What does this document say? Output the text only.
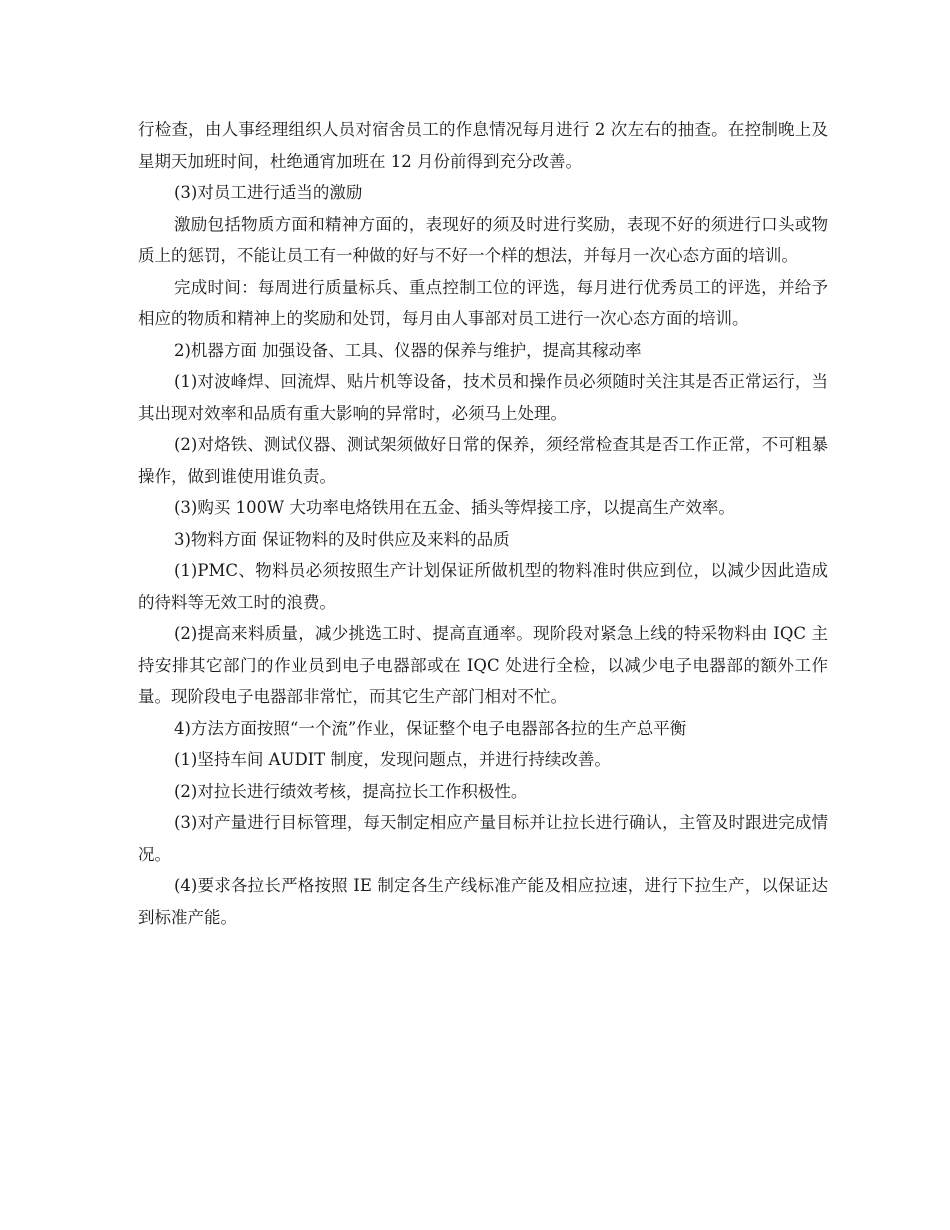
行检查，由人事经理组织人员对宿舍员工的作息情况每月进行 2 次左右的抽查。在控制晚上及星期天加班时间，杜绝通宵加班在 12 月份前得到充分改善。

(3)对员工进行适当的激励

激励包括物质方面和精神方面的，表现好的须及时进行奖励，表现不好的须进行口头或物质上的惩罚，不能让员工有一种做的好与不好一个样的想法，并每月一次心态方面的培训。

完成时间：每周进行质量标兵、重点控制工位的评选，每月进行优秀员工的评选，并给予相应的物质和精神上的奖励和处罚，每月由人事部对员工进行一次心态方面的培训。

2)机器方面 加强设备、工具、仪器的保养与维护，提高其稼动率

(1)对波峰焊、回流焊、贴片机等设备，技术员和操作员必须随时关注其是否正常运行，当其出现对效率和品质有重大影响的异常时，必须马上处理。

(2)对烙铁、测试仪器、测试架须做好日常的保养，须经常检查其是否工作正常，不可粗暴操作，做到谁使用谁负责。

(3)购买 100W 大功率电烙铁用在五金、插头等焊接工序，以提高生产效率。

3)物料方面 保证物料的及时供应及来料的品质

(1)PMC、物料员必须按照生产计划保证所做机型的物料准时供应到位，以减少因此造成的待料等无效工时的浪费。

(2)提高来料质量，减少挑选工时、提高直通率。现阶段对紧急上线的特采物料由 IQC 主持安排其它部门的作业员到电子电器部或在 IQC 处进行全检，以减少电子电器部的额外工作量。现阶段电子电器部非常忙，而其它生产部门相对不忙。

4)方法方面按照“一个流”作业，保证整个电子电器部各拉的生产总平衡

(1)坚持车间 AUDIT 制度，发现问题点，并进行持续改善。

(2)对拉长进行绩效考核，提高拉长工作积极性。

(3)对产量进行目标管理，每天制定相应产量目标并让拉长进行确认，主管及时跟进完成情况。

(4)要求各拉长严格按照 IE 制定各生产线标准产能及相应拉速，进行下拉生产，以保证达到标准产能。
